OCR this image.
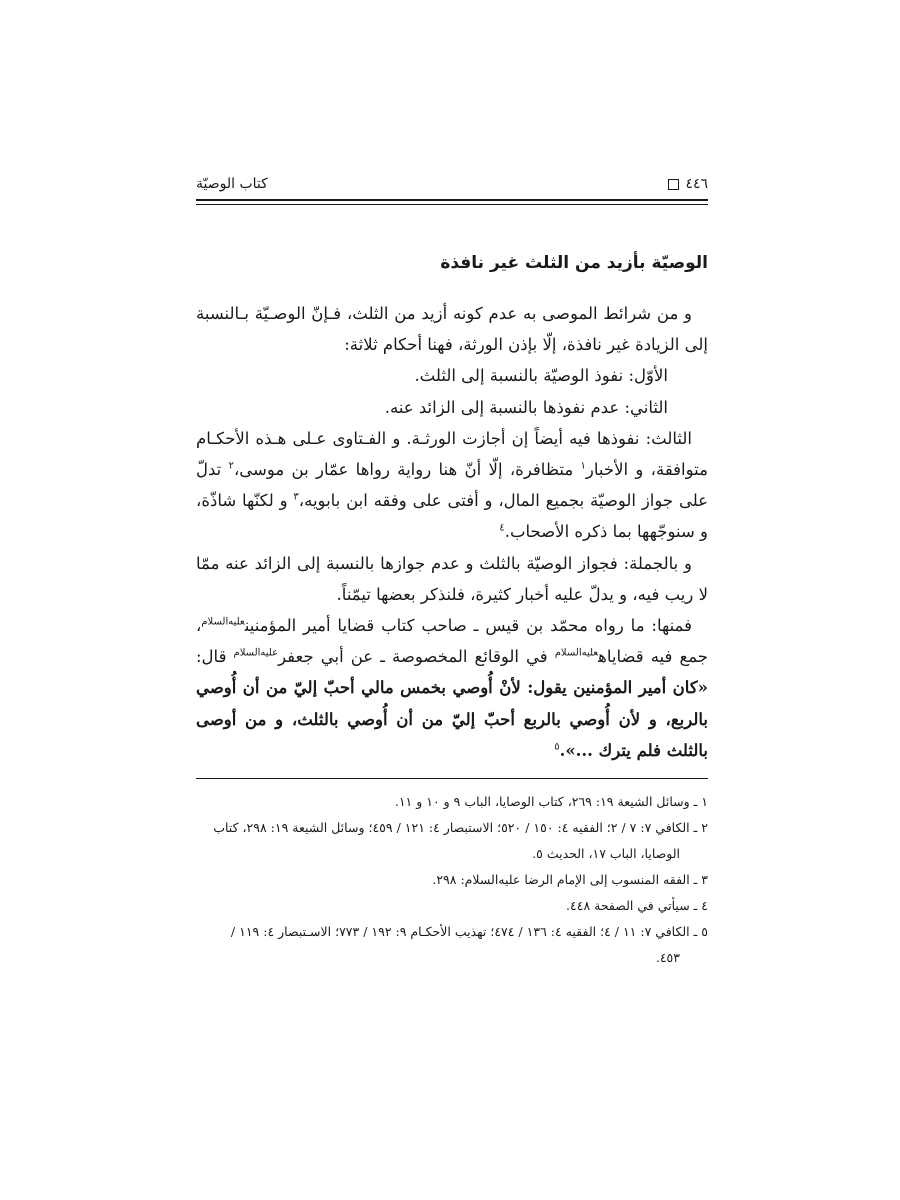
٤٤٦
كتاب الوصيّة
الوصيّة بأزيد من الثلث غير نافذة

و من شرائط الموصى به عدم كونه أزيد من الثلث، فـإنّ الوصـيّة بـالنسبة إلى الزيادة غير نافذة، إلّا بإذن الورثة، فهنا أحكام ثلاثة:

الأوّل: نفوذ الوصيّة بالنسبة إلى الثلث.

الثاني: عدم نفوذها بالنسبة إلى الزائد عنه.

الثالث: نفوذها فيه أيضاً إن أجازت الورثـة. و الفـتاوى عـلى هـذه الأحكـام متوافقة، و الأخبار$^١$ متظافرة، إلّا أنّ هنا رواية رواها عمّار بن موسى،$^٢$ تدلّ على جواز الوصيّة بجميع المال، و أفتى على وفقه ابن بابويه،$^٣$ و لكنّها شاذّة، و سنوجّهها بما ذكره الأصحاب.$^٤$

و بالجملة: فجواز الوصيّة بالثلث و عدم جوازها بالنسبة إلى الزائد عنه ممّا لا ريب فيه، و يدلّ عليه أخبار كثيرة، فلنذكر بعضها تيمّناً.

فمنها: ما رواه محمّد بن قيس ـ صاحب كتاب قضايا أمير المؤمنين$^{عليه‌السلام}$، جمع فيه قضاياه$^{عليه‌السلام}$ في الوقائع المخصوصة ـ عن أبي جعفر$^{عليه‌السلام}$ قال: «كان أمير المؤمنين يقول: لأنْ أُوصي بخمس مالي أحبّ إليّ من أن أُوصي بالربع، و لأن أُوصي بالربع أحبّ إليّ من أن أُوصي بالثلث، و من أوصى بالثلث فلم يترك ...».$^٥$

١ ـ وسائل الشيعة ١٩: ٢٦٩، كتاب الوصايا، الباب ٩ و ١٠ و ١١.

٢ ـ الكافي ٧: ٧ / ٢؛ الفقيه ٤: ١٥٠ / ٥٢٠؛ الاستبصار ٤: ١٢١ / ٤٥٩؛ وسائل الشيعة ١٩: ٢٩٨، كتاب

الوصايا، الباب ١٧، الحديث ٥.

٣ ـ الفقه المنسوب إلى الإمام الرضا عليه‌السلام: ٢٩٨.

٤ ـ سيأتي في الصفحة ٤٤٨.

٥ ـ الكافي ٧: ١١ / ٤؛ الفقيه ٤: ١٣٦ / ٤٧٤؛ تهذيب الأحكـام ٩: ١٩٢ / ٧٧٣؛ الاسـتبصار ٤: ١١٩ /

٤٥٣.
